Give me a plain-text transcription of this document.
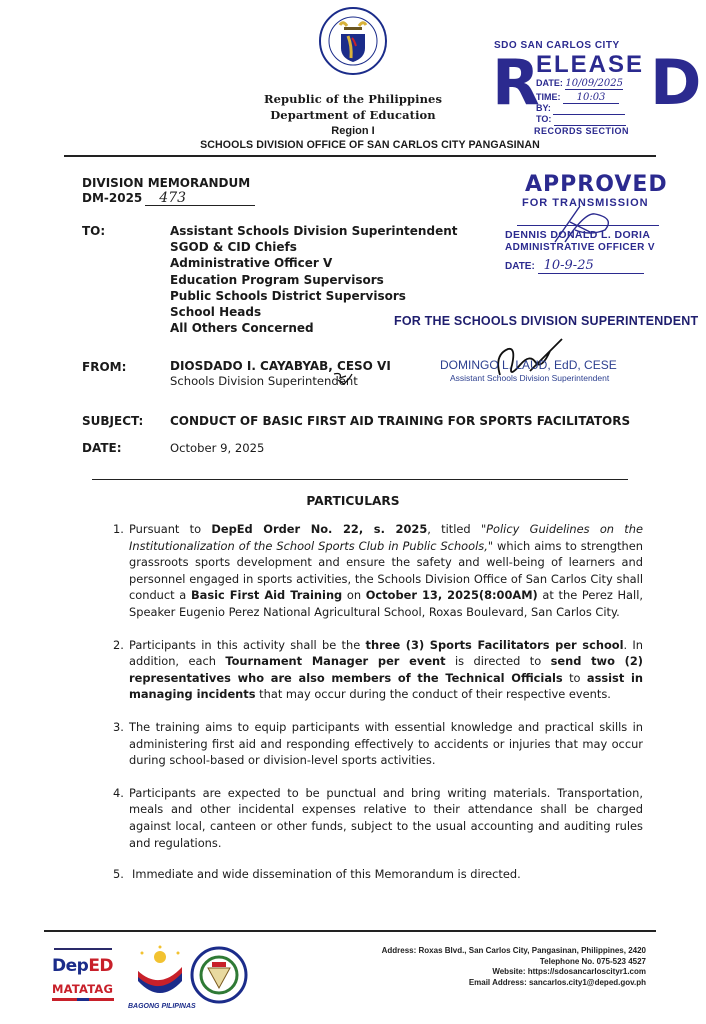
Republic of the Philippines
Department of Education
Region I
SCHOOLS DIVISION OFFICE OF SAN CARLOS CITY PANGASINAN
SDO SAN CARLOS CITY
R
ELEASE D
DATE: 10/09/2025
TIME: 10:03
BY:
TO:
RECORDS SECTION
APPROVED
FOR TRANSMISSION
DENNIS DONALD L. DORIA
ADMINISTRATIVE OFFICER V
DATE: 10-9-25
DIVISION MEMORANDUM
DM-2025 473
TO:	Assistant Schools Division Superintendent
SGOD & CID Chiefs
Administrative Officer V
Education Program Supervisors
Public Schools District Supervisors
School Heads
All Others Concerned
FOR THE SCHOOLS DIVISION SUPERINTENDENT
DOMINGO L. LAUD, EdD, CESE
Assistant Schools Division Superintendent
FROM:	DIOSDADO I. CAYABYAB, CESO VI
Schools Division Superintendent
SUBJECT: CONDUCT OF BASIC FIRST AID TRAINING FOR SPORTS FACILITATORS
DATE:	October 9, 2025
PARTICULARS
1. Pursuant to DepEd Order No. 22, s. 2025, titled "Policy Guidelines on the Institutionalization of the School Sports Club in Public Schools," which aims to strengthen grassroots sports development and ensure the safety and well-being of learners and personnel engaged in sports activities, the Schools Division Office of San Carlos City shall conduct a Basic First Aid Training on October 13, 2025(8:00AM) at the Perez Hall, Speaker Eugenio Perez National Agricultural School, Roxas Boulevard, San Carlos City.
2. Participants in this activity shall be the three (3) Sports Facilitators per school. In addition, each Tournament Manager per event is directed to send two (2) representatives who are also members of the Technical Officials to assist in managing incidents that may occur during the conduct of their respective events.
3. The training aims to equip participants with essential knowledge and practical skills in administering first aid and responding effectively to accidents or injuries that may occur during school-based or division-level sports activities.
4. Participants are expected to be punctual and bring writing materials. Transportation, meals and other incidental expenses relative to their attendance shall be charged against local, canteen or other funds, subject to the usual accounting and auditing rules and regulations.
5. Immediate and wide dissemination of this Memorandum is directed.
DepED
MATATAG
BAGONG PILIPINAS
Address: Roxas Blvd., San Carlos City, Pangasinan, Philippines, 2420
Telephone No. 075-523 4527
Website: https://sdosancarloscityr1.com
Email Address: sancarlos.city1@deped.gov.ph
